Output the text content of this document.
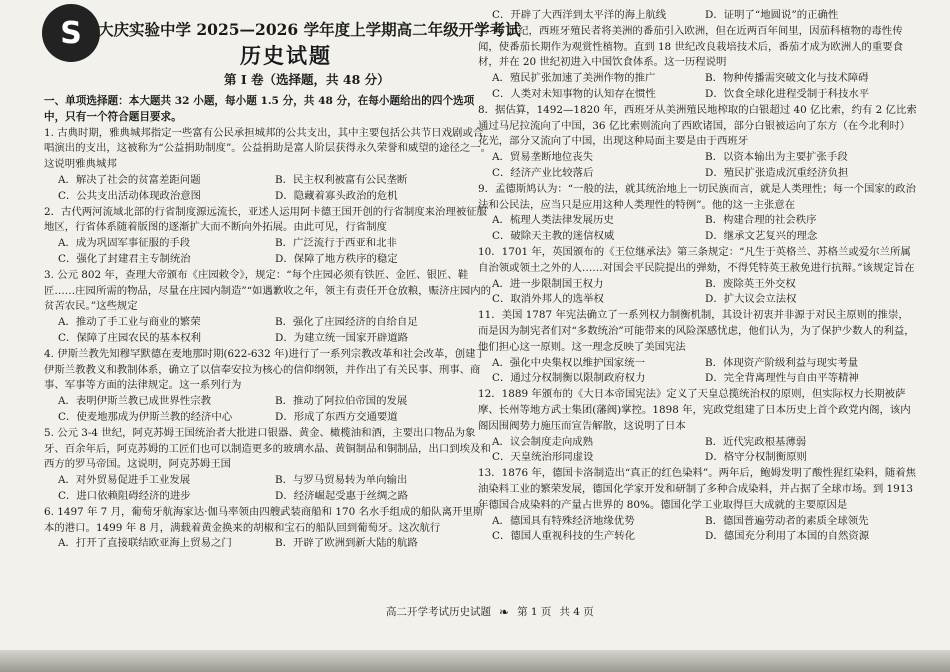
S	大庆实验中学 2025—2026 学年度上学期高二年级开学考试
历史试题
第 Ⅰ 卷（选择题，共 48 分）
一、单项选择题：本大题共 32 小题，每小题 1.5 分，共 48 分，在每小题给出的四个选项中，只有一个符合题目要求。

1. 古典时期，雅典城邦指定一些富有公民承担城邦的公共支出，其中主要包括公共节日戏剧或合唱演出的支出，这被称为“公益捐助制度”。公益捐助是富人阶层获得永久荣誉和威望的途径之一。这说明雅典城邦

A．解决了社会的贫富差距问题	B．民主权利被富有公民垄断
C．公共支出活动体现政治意图	D．隐藏着寡头政治的危机

2．古代两河流域北部的行省制度源远流长，亚述人运用阿卡德王国开创的行省制度来治理被征服地区，行省体系随着版图的逐渐扩大而不断向外拓展。由此可见，行省制度

A．成为巩固军事征服的手段	B．广泛流行于西亚和北非
C．强化了封建君主专制统治	D．保障了地方秩序的稳定

3. 公元 802 年，查理大帝颁布《庄园敕令》，规定：“每个庄园必须有铁匠、金匠、银匠、鞋匠……庄园所需的物品，尽量在庄园内制造”“如遇歉收之年，领主有责任开仓放粮，赈济庄园内的贫苦农民。”这些规定

A．推动了手工业与商业的繁荣	B．强化了庄园经济的自给自足
C．保障了庄园农民的基本权利	D．为建立统一国家开辟道路

4. 伊斯兰教先知穆罕默德在麦地那时期(622-632 年)进行了一系列宗教改革和社会改革，创建了伊斯兰教教义和教制体系，确立了以信奉安拉为核心的信仰纲领，并作出了有关民事、刑事、商事、军事等方面的法律规定。这一系列行为

A．表明伊斯兰教已成世界性宗教	B．推动了阿拉伯帝国的发展
C．使麦地那成为伊斯兰教的经济中心	D．形成了东西方交通要道

5. 公元 3-4 世纪，阿克苏姆王国统治者大批进口银器、黄金、橄榄油和酒，主要出口物品为象牙、百余年后，阿克苏姆的工匠们也可以制造更多的玻璃水晶、黄铜制品和铜制品，出口到埃及和西方的罗马帝国。这说明，阿克苏姆王国

A．对外贸易促进手工业发展	B．与罗马贸易转为单向输出
C．进口依赖阻碍经济的进步	D．经济崛起受惠于丝绸之路

6. 1497 年 7 月，葡萄牙航海家达·伽马率领由四艘武装商船和 170 名水手组成的船队离开里斯本的港口。1499 年 8 月，满载着黄金换来的胡椒和宝石的船队回到葡萄牙。这次航行

A．打开了直接联结欧亚海上贸易之门	B．开辟了欧洲到新大陆的航路
C．开辟了大西洋到太平洋的海上航线	D．证明了“地圆说”的正确性

7. 16 世纪，西班牙殖民者将美洲的番茄引入欧洲，但在近两百年间里，因茄科植物的毒性传闻，使番茄长期作为观赏性植物。直到 18 世纪改良栽培技术后，番茄才成为欧洲人的重要食材，并在 20 世纪初进入中国饮食体系。这一历程说明

A．殖民扩张加速了美洲作物的推广	B．物种传播需突破文化与技术障碍
C．人类对未知事物的认知存在惯性	D．饮食全球化进程受制于科技水平

8．据估算，1492—1820 年，西班牙从美洲殖民地榨取的白银超过 40 亿比索，约有 2 亿比索通过马尼拉流向了中国，36 亿比索则流向了西欧诸国，部分白银被运向了东方（在今北利时）花光，部分又流向了中国，出现这种局面主要是由于西班牙

A．贸易垄断地位丧失	B．以资本输出为主要扩张手段
C．经济产业比较落后	D．殖民扩张造成沉重经济负担

9．孟德斯鸠认为：“一般的法，就其统治地上一切民族而言，就是人类理性；每一个国家的政治法和公民法，应当只是应用这种人类理性的特例”。他的这一主张意在

A．梳理人类法律发展历史	B．构建合理的社会秩序
C．破除天主教的迷信权威	D．继承文艺复兴的理念

10．1701 年，英国颁布的《王位继承法》第三条规定：“凡生于英格兰、苏格兰或爱尔兰所属自治领或领土之外的人……对国会平民院提出的弹劾，不得凭特英王赦免进行抗辩。”该规定旨在

A．进一步限制国王权力	B．废除英王外交权
C．取消外邦人的选举权	D．扩大议会立法权

11．美国 1787 年宪法确立了一系列权力制衡机制，其设计初衷并非源于对民主原则的推崇，而是因为制宪者们对“多数统治”可能带来的风险深感忧虑，他们认为，为了保护少数人的利益，他们担心这一原则。这一理念反映了美国宪法

A．强化中央集权以维护国家统一	B．体现资产阶级利益与现实考量
C．通过分权制衡以限制政府权力	D．完全背离理性与自由平等精神

12．1889 年颁布的《大日本帝国宪法》定义了天皇总揽统治权的原则，但实际权力长期被萨摩、长州等地方武士集团(藩阀)掌控。1898 年，宪政党组建了日本历史上首个政党内阁，该内阁因围阀势力施压而宣告解散，这说明了日本

A．议会制度走向成熟	B．近代宪政根基薄弱
C．天皇统治形同虚设	D．格守分权制衡原则

13．1876 年，德国卡洛制造出“真正的红色染料”。两年后，鲍姆发明了酸性猩红染料，随着焦油染料工业的繁荣发展，德国化学家开发和研制了多种合成染料，并占据了全球市场。到 1913 年德国合成染料的产量占世界的 80%。德国化学工业取得巨大成就的主要原因是

A．德国具有特殊经济地缘优势	B．德国普遍劳动者的素质全球领先
C．德国人重视科技的生产转化	D．德国充分利用了本国的自然资源
高二开学考试历史试题 ❧ 第 1 页 共 4 页
